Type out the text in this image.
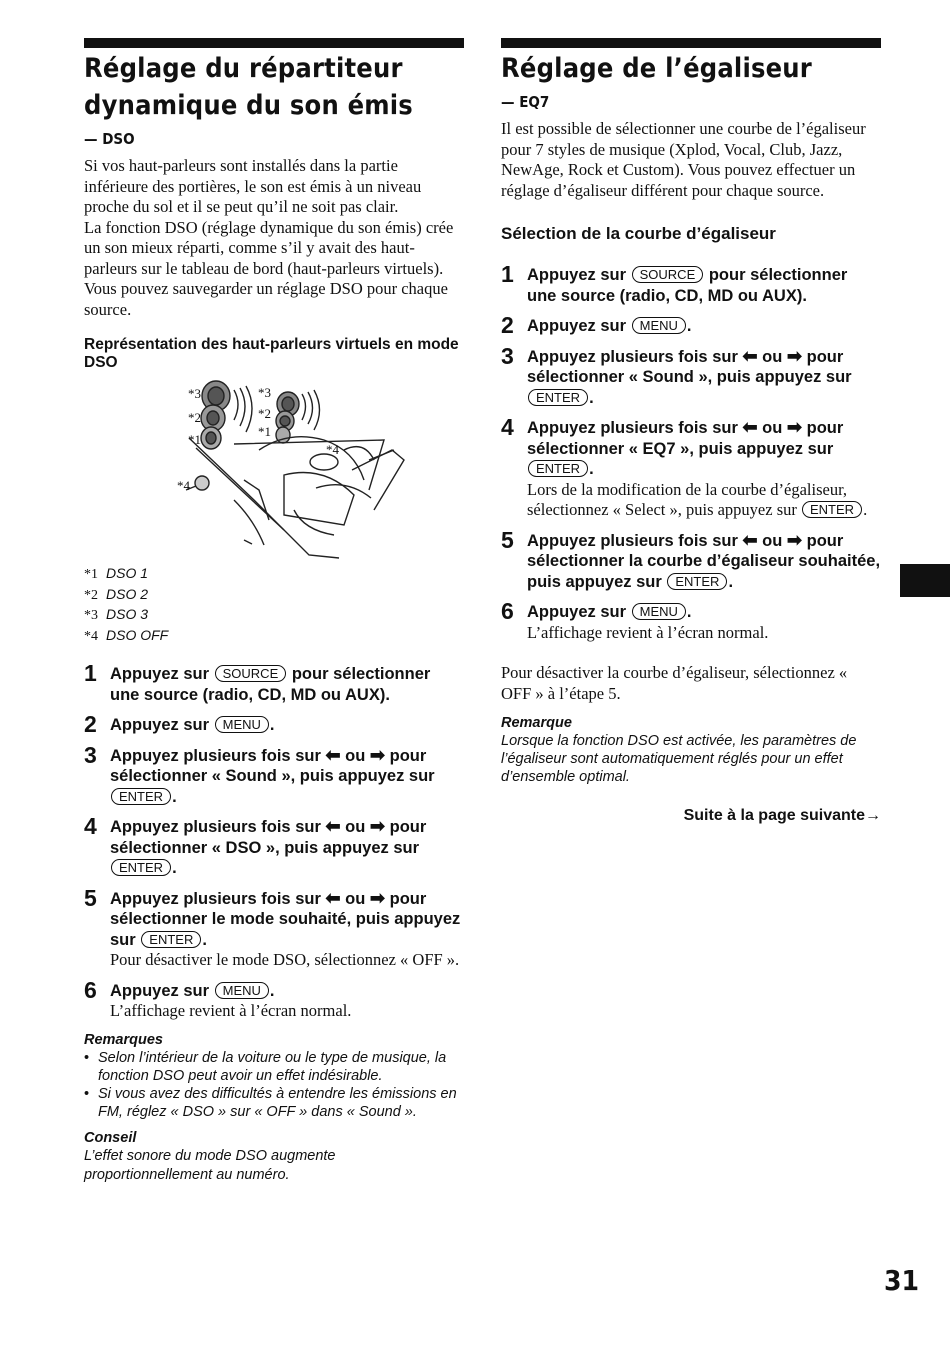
Réglage du répartiteur dynamique du son émis
— DSO

Si vos haut-parleurs sont installés dans la partie inférieure des portières, le son est émis à un niveau proche du sol et il se peut qu’il ne soit pas clair.

La fonction DSO (réglage dynamique du son émis) crée un son mieux réparti, comme s’il y avait des haut-parleurs sur le tableau de bord (haut-parleurs virtuels).

Vous pouvez sauvegarder un réglage DSO pour chaque source.

Représentation des haut-parleurs virtuels en mode DSO

*3
*2
*1
*3
*2
*1
*4
*4

*1 DSO 1

*2 DSO 2

*3 DSO 3

*4 DSO OFF

1 Appuyez sur SOURCE pour sélectionner une source (radio, CD, MD ou AUX).
2 Appuyez sur MENU .
3 Appuyez plusieurs fois sur ⬅ ou ➡ pour sélectionner « Sound », puis appuyez sur ENTER .
4 Appuyez plusieurs fois sur ⬅ ou ➡ pour sélectionner « DSO », puis appuyez sur ENTER .
5 Appuyez plusieurs fois sur ⬅ ou ➡ pour sélectionner le mode souhaité, puis appuyez sur ENTER .
Pour désactiver le mode DSO, sélectionnez « OFF ».
6 Appuyez sur MENU .
L’affichage revient à l’écran normal.

Remarques

• Selon l’intérieur de la voiture ou le type de musique, la fonction DSO peut avoir un effet indésirable.
• Si vous avez des difficultés à entendre les émissions en FM, réglez « DSO » sur « OFF » dans « Sound ».

Conseil

L’effet sonore du mode DSO augmente proportionnellement au numéro.

Réglage de l’égaliseur
— EQ7

Il est possible de sélectionner une courbe de l’égaliseur pour 7 styles de musique (Xplod, Vocal, Club, Jazz, NewAge, Rock et Custom). Vous pouvez effectuer un réglage d’égaliseur différent pour chaque source.

Sélection de la courbe d’égaliseur

1 Appuyez sur SOURCE pour sélectionner une source (radio, CD, MD ou AUX).
2 Appuyez sur MENU .
3 Appuyez plusieurs fois sur ⬅ ou ➡ pour sélectionner « Sound », puis appuyez sur ENTER .
4 Appuyez plusieurs fois sur ⬅ ou ➡ pour sélectionner « EQ7 », puis appuyez sur ENTER .
Lors de la modification de la courbe d’égaliseur, sélectionnez « Select », puis appuyez sur ENTER .
5 Appuyez plusieurs fois sur ⬅ ou ➡ pour sélectionner la courbe d’égaliseur souhaitée, puis appuyez sur ENTER .
6 Appuyez sur MENU .
L’affichage revient à l’écran normal.

Pour désactiver la courbe d’égaliseur, sélectionnez « OFF » à l’étape 5.

Remarque

Lorsque la fonction DSO est activée, les paramètres de l’égaliseur sont automatiquement réglés pour un effet d’ensemble optimal.

Suite à la page suivante→

31
